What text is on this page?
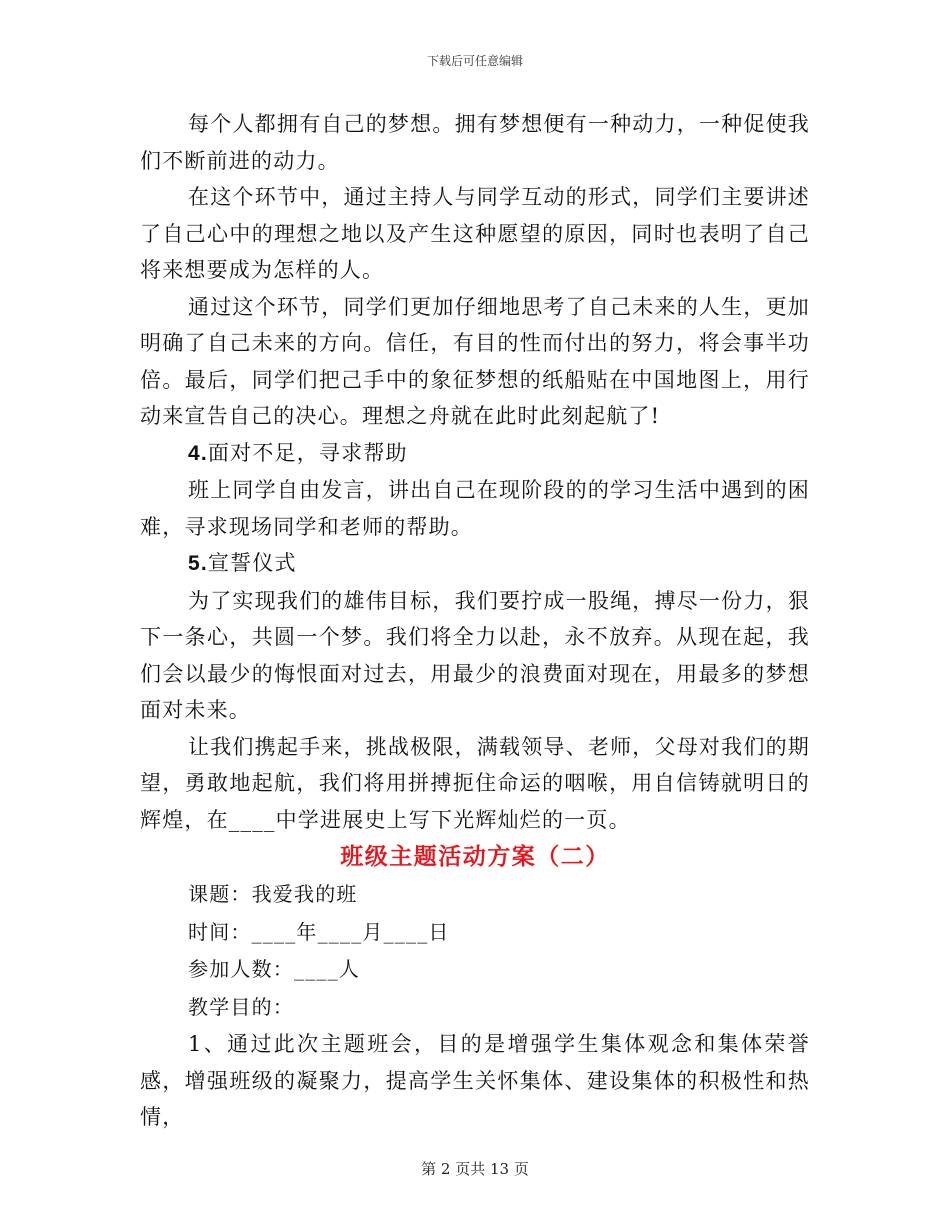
下载后可任意编辑

每个人都拥有自己的梦想。拥有梦想便有一种动力，一种促使我们不断前进的动力。

在这个环节中，通过主持人与同学互动的形式，同学们主要讲述了自己心中的理想之地以及产生这种愿望的原因，同时也表明了自己将来想要成为怎样的人。

通过这个环节，同学们更加仔细地思考了自己未来的人生，更加明确了自己未来的方向。信任，有目的性而付出的努力，将会事半功倍。最后，同学们把己手中的象征梦想的纸船贴在中国地图上，用行动来宣告自己的决心。理想之舟就在此时此刻起航了!

4.面对不足，寻求帮助

班上同学自由发言，讲出自己在现阶段的的学习生活中遇到的困难，寻求现场同学和老师的帮助。

5.宣誓仪式

为了实现我们的雄伟目标，我们要拧成一股绳，搏尽一份力，狠下一条心，共圆一个梦。我们将全力以赴，永不放弃。从现在起，我们会以最少的悔恨面对过去，用最少的浪费面对现在，用最多的梦想面对未来。

让我们携起手来，挑战极限，满载领导、老师，父母对我们的期望，勇敢地起航，我们将用拼搏扼住命运的咽喉，用自信铸就明日的辉煌，在____中学进展史上写下光辉灿烂的一页。

班级主题活动方案（二）

课题：我爱我的班

时间：____年____月____日

参加人数：____人

教学目的：

1、通过此次主题班会，目的是增强学生集体观念和集体荣誉感，增强班级的凝聚力，提高学生关怀集体、建设集体的积极性和热情，

第 2 页共 13 页
